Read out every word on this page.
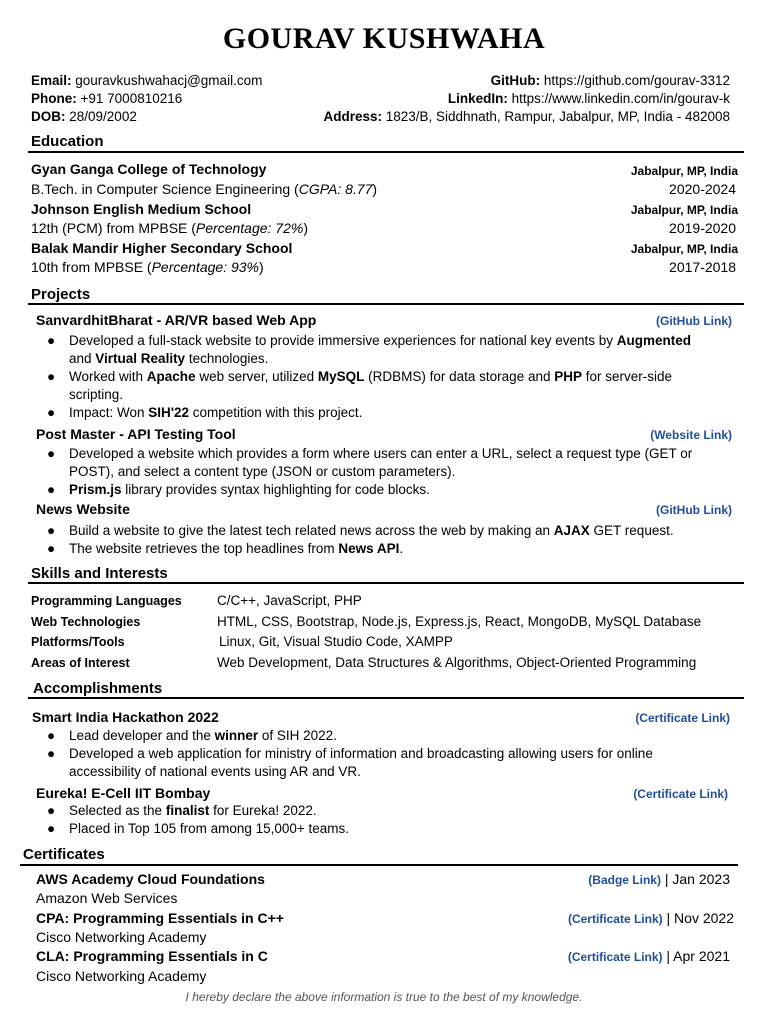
GOURAV KUSHWAHA
Email: gouravkushwahacj@gmail.com
Phone: +91 7000810216
DOB: 28/09/2002
GitHub: https://github.com/gourav-3312
LinkedIn: https://www.linkedin.com/in/gourav-k
Address: 1823/B, Siddhnath, Rampur, Jabalpur, MP, India - 482008
Education
Gyan Ganga College of Technology	Jabalpur, MP, India
B.Tech. in Computer Science Engineering (CGPA: 8.77)	2020-2024
Johnson English Medium School	Jabalpur, MP, India
12th (PCM) from MPBSE (Percentage: 72%)	2019-2020
Balak Mandir Higher Secondary School	Jabalpur, MP, India
10th from MPBSE (Percentage: 93%)	2017-2018
Projects
SanvardhitBharat - AR/VR based Web App	(GitHub Link)
● Developed a full-stack website to provide immersive experiences for national key events by Augmented
and Virtual Reality technologies.
● Worked with Apache web server, utilized MySQL (RDBMS) for data storage and PHP for server-side
scripting.
● Impact: Won SIH'22 competition with this project.
Post Master - API Testing Tool	(Website Link)
● Developed a website which provides a form where users can enter a URL, select a request type (GET or
POST), and select a content type (JSON or custom parameters).
● Prism.js library provides syntax highlighting for code blocks.
News Website	(GitHub Link)
● Build a website to give the latest tech related news across the web by making an AJAX GET request.
● The website retrieves the top headlines from News API.
Skills and Interests
Programming Languages	C/C++, JavaScript, PHP
Web Technologies	HTML, CSS, Bootstrap, Node.js, Express.js, React, MongoDB, MySQL Database
Platforms/Tools	Linux, Git, Visual Studio Code, XAMPP
Areas of Interest	Web Development, Data Structures & Algorithms, Object-Oriented Programming
Accomplishments
Smart India Hackathon 2022	(Certificate Link)
● Lead developer and the winner of SIH 2022.
● Developed a web application for ministry of information and broadcasting allowing users for online
accessibility of national events using AR and VR.
Eureka! E-Cell IIT Bombay	(Certificate Link)
● Selected as the finalist for Eureka! 2022.
● Placed in Top 105 from among 15,000+ teams.
Certificates
AWS Academy Cloud Foundations	(Badge Link) | Jan 2023
Amazon Web Services
CPA: Programming Essentials in C++	(Certificate Link) | Nov 2022
Cisco Networking Academy
CLA: Programming Essentials in C	(Certificate Link) | Apr 2021
Cisco Networking Academy
I hereby declare the above information is true to the best of my knowledge.
